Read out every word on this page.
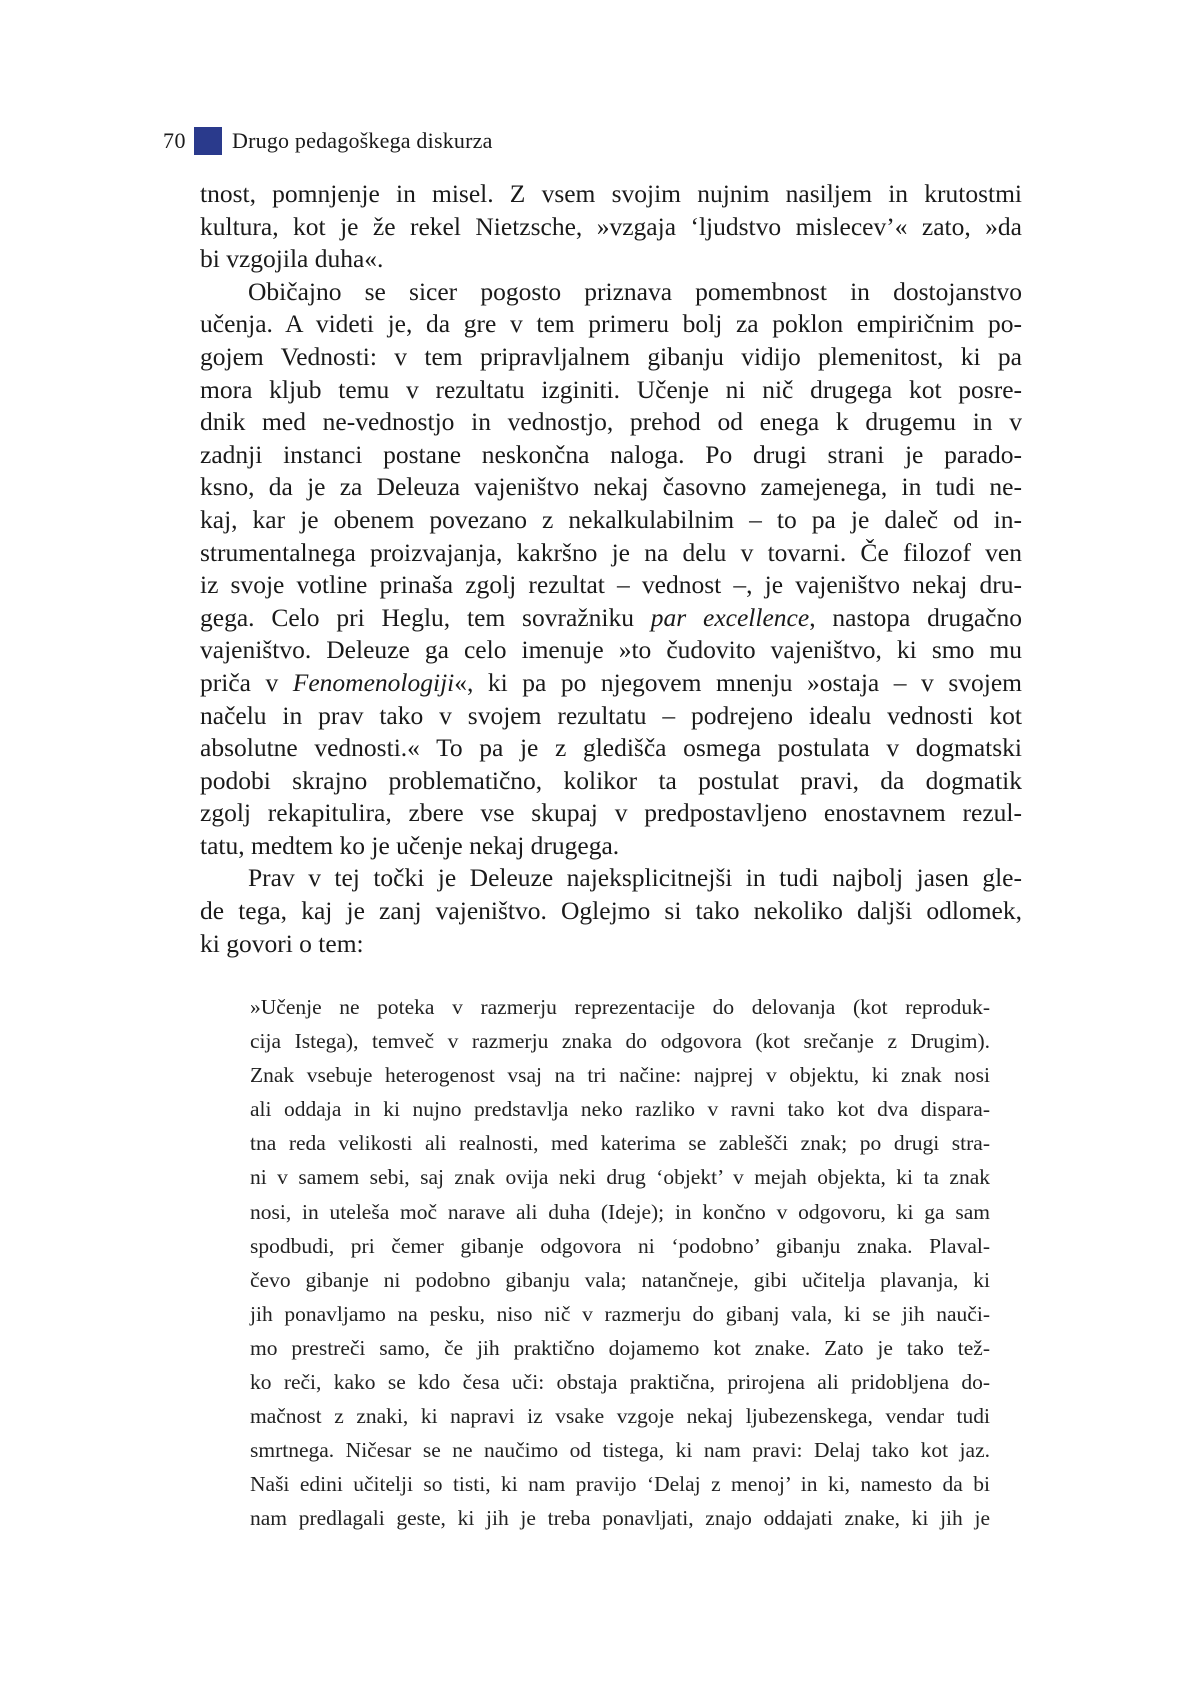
70 Drugo pedagoškega diskurza
tnost, pomnjenje in misel. Z vsem svojim nujnim nasiljem in krutostmi
kultura, kot je že rekel Nietzsche, »vzgaja ‘ljudstvo mislecev’« zato, »da
bi vzgojila duha«.
Običajno se sicer pogosto priznava pomembnost in dostojanstvo
učenja. A videti je, da gre v tem primeru bolj za poklon empiričnim po-
gojem Vednosti: v tem pripravljalnem gibanju vidijo plemenitost, ki pa
mora kljub temu v rezultatu izginiti. Učenje ni nič drugega kot posre-
dnik med ne-vednostjo in vednostjo, prehod od enega k drugemu in v
zadnji instanci postane neskončna naloga. Po drugi strani je parado-
ksno, da je za Deleuza vajeništvo nekaj časovno zamejenega, in tudi ne-
kaj, kar je obenem povezano z nekalkulabilnim – to pa je daleč od in-
strumentalnega proizvajanja, kakršno je na delu v tovarni. Če filozof ven
iz svoje votline prinaša zgolj rezultat – vednost –, je vajeništvo nekaj dru-
gega. Celo pri Heglu, tem sovražniku par excellence, nastopa drugačno
vajeništvo. Deleuze ga celo imenuje »to čudovito vajeništvo, ki smo mu
priča v Fenomenologiji«, ki pa po njegovem mnenju »ostaja – v svojem
načelu in prav tako v svojem rezultatu – podrejeno idealu vednosti kot
absolutne vednosti.« To pa je z gledišča osmega postulata v dogmatski
podobi skrajno problematično, kolikor ta postulat pravi, da dogmatik
zgolj rekapitulira, zbere vse skupaj v predpostavljeno enostavnem rezul-
tatu, medtem ko je učenje nekaj drugega.
Prav v tej točki je Deleuze najeksplicitnejši in tudi najbolj jasen gle-
de tega, kaj je zanj vajeništvo. Oglejmo si tako nekoliko daljši odlomek,
ki govori o tem:
»Učenje ne poteka v razmerju reprezentacije do delovanja (kot reproduk-
cija Istega), temveč v razmerju znaka do odgovora (kot srečanje z Drugim).
Znak vsebuje heterogenost vsaj na tri načine: najprej v objektu, ki znak nosi
ali oddaja in ki nujno predstavlja neko razliko v ravni tako kot dva dispara-
tna reda velikosti ali realnosti, med katerima se zablešči znak; po drugi stra-
ni v samem sebi, saj znak ovija neki drug ‘objekt’ v mejah objekta, ki ta znak
nosi, in uteleša moč narave ali duha (Ideje); in končno v odgovoru, ki ga sam
spodbudi, pri čemer gibanje odgovora ni ‘podobno’ gibanju znaka. Plaval-
čevo gibanje ni podobno gibanju vala; natančneje, gibi učitelja plavanja, ki
jih ponavljamo na pesku, niso nič v razmerju do gibanj vala, ki se jih nauči-
mo prestreči samo, če jih praktično dojamemo kot znake. Zato je tako tež-
ko reči, kako se kdo česa uči: obstaja praktična, prirojena ali pridobljena do-
mačnost z znaki, ki napravi iz vsake vzgoje nekaj ljubezenskega, vendar tudi
smrtnega. Ničesar se ne naučimo od tistega, ki nam pravi: Delaj tako kot jaz.
Naši edini učitelji so tisti, ki nam pravijo ‘Delaj z menoj’ in ki, namesto da bi
nam predlagali geste, ki jih je treba ponavljati, znajo oddajati znake, ki jih je
